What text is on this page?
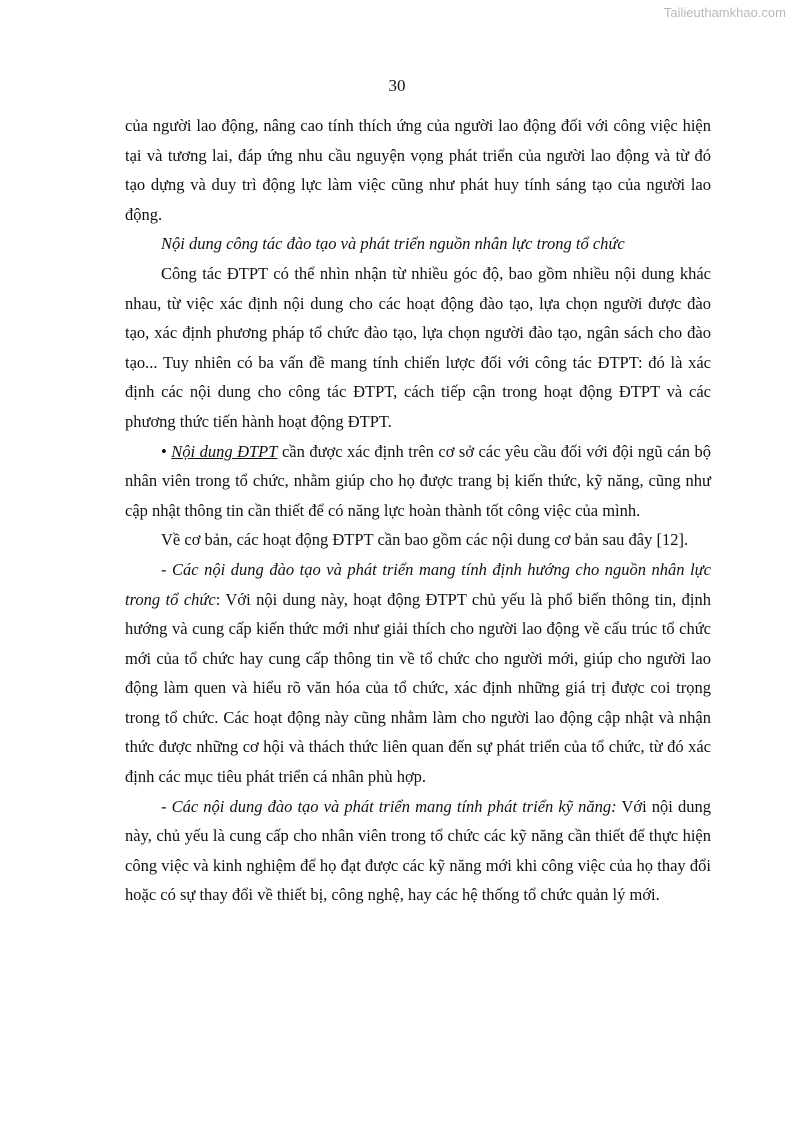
Tailieuthamkhao.com
30

của người lao động, nâng cao tính thích ứng của người lao động đối với công việc hiện tại và tương lai, đáp ứng nhu cầu nguyện vọng phát triển của người lao động và từ đó tạo dựng và duy trì động lực làm việc cũng như phát huy tính sáng tạo của người lao động.

Nội dung công tác đào tạo và phát triển nguồn nhân lực trong tổ chức

Công tác ĐTPT có thể nhìn nhận từ nhiều góc độ, bao gồm nhiều nội dung khác nhau, từ việc xác định nội dung cho các hoạt động đào tạo, lựa chọn người được đào tạo, xác định phương pháp tổ chức đào tạo, lựa chọn người đào tạo, ngân sách cho đào tạo... Tuy nhiên có ba vấn đề mang tính chiến lược đối với công tác ĐTPT: đó là xác định các nội dung cho công tác ĐTPT, cách tiếp cận trong hoạt động ĐTPT và các phương thức tiến hành hoạt động ĐTPT.

• Nội dung ĐTPT cần được xác định trên cơ sở các yêu cầu đối với đội ngũ cán bộ nhân viên trong tổ chức, nhằm giúp cho họ được trang bị kiến thức, kỹ năng, cũng như cập nhật thông tin cần thiết để có năng lực hoàn thành tốt công việc của mình.

Về cơ bản, các hoạt động ĐTPT cần bao gồm các nội dung cơ bản sau đây [12].

- Các nội dung đào tạo và phát triển mang tính định hướng cho nguồn nhân lực trong tổ chức: Với nội dung này, hoạt động ĐTPT chủ yếu là phổ biến thông tin, định hướng và cung cấp kiến thức mới như giải thích cho người lao động về cấu trúc tổ chức mới của tổ chức hay cung cấp thông tin về tổ chức cho người mới, giúp cho người lao động làm quen và hiểu rõ văn hóa của tổ chức, xác định những giá trị được coi trọng trong tổ chức. Các hoạt động này cũng nhằm làm cho người lao động cập nhật và nhận thức được những cơ hội và thách thức liên quan đến sự phát triển của tổ chức, từ đó xác định các mục tiêu phát triển cá nhân phù hợp.

- Các nội dung đào tạo và phát triển mang tính phát triển kỹ năng: Với nội dung này, chủ yếu là cung cấp cho nhân viên trong tổ chức các kỹ năng cần thiết để thực hiện công việc và kinh nghiệm để họ đạt được các kỹ năng mới khi công việc của họ thay đổi hoặc có sự thay đổi về thiết bị, công nghệ, hay các hệ thống tổ chức quản lý mới.
